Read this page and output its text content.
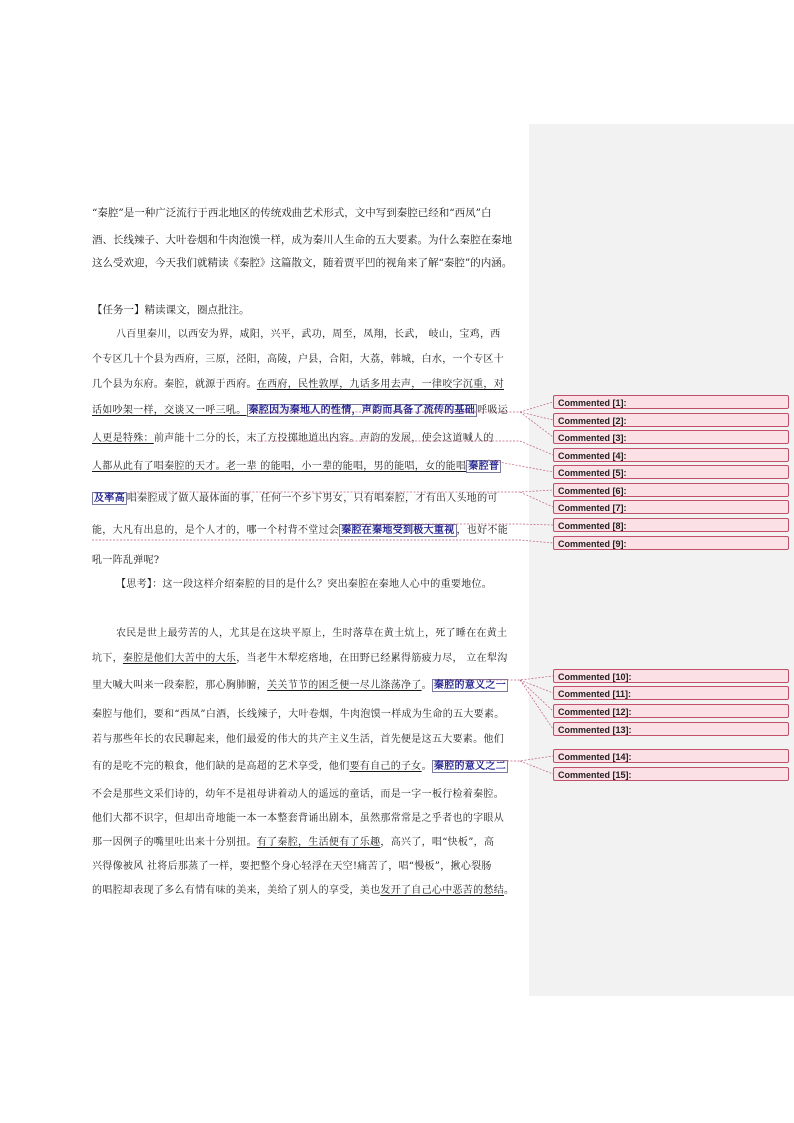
“秦腔”是一种广泛流行于西北地区的传统戏曲艺术形式，文中写到秦腔已经和“西凤”白
酒、长线辣子、大叶卷烟和牛肉泡馍一样，成为秦川人生命的五大要素。为什么秦腔在秦地
这么受欢迎，今天我们就精读《秦腔》这篇散文，随着贾平凹的视角来了解“秦腔”的内涵。
【任务一】精读课文，圈点批注。
八百里秦川，以西安为界，咸阳，兴平，武功，周至，凤翔，长武， 岐山，宝鸡，西
个专区几十个县为西府，三原，泾阳，高陵，户县，合阳，大荔，韩城，白水，一个专区十
几个县为东府。秦腔，就源于西府。在西府，民性敦厚，九话多用去声，一律咬字沉重，对
话如吵架一样，交谈又一呼三吼。 秦腔因为秦地人的性情，声韵而具备了流传的基础 呼吸运
人更是特殊：前声能十二分的长，末了方投掷地道出内容。声韵的发展，使会这道喊人的
人都从此有了唱秦腔的天才。老一辈 的能唱，小一辈的能唱，男的能唱，女的能唱 秦腔普
及率高 唱秦腔成了做人最体面的事，任何一个乡下男女，只有唱秦腔，才有出人头地的可
能，大凡有出息的，是个人才的，哪一个村背不堂过会 秦腔在秦地受到极大重视 ，也好不能
吼一阵乱弹呢?
【思考】：这一段这样介绍秦腔的目的是什么？突出秦腔在秦地人心中的重要地位。
农民是世上最劳苦的人，尤其是在这块平原上，生时落草在黄土炕上，死了睡在在黄土
坑下，秦腔是他们大苦中的大乐，当老牛木犁疙瘩地，在田野已经累得筋疲力尽， 立在犁沟
里大喊大叫来一段秦腔，那心胸肺腑，关关节节的困乏便一尽儿涤荡净了。 秦腔的意义之一
秦腔与他们，要和“西凤”白酒，长线辣子，大叶卷烟，牛肉泡馍一样成为生命的五大要素。
若与那些年长的农民聊起来，他们最爱的伟大的共产主义生活，首先便是这五大要素。他们
有的是吃不完的粮食，他们缺的是高超的艺术享受，他们要有自己的子女。 秦腔的意义之二
不会是那些文采们诗的，幼年不是祖母讲着动人的遥远的童话，而是一字一板行检着秦腔。
他们大都不识字，但却出奇地能一本一本整套背诵出剧本，虽然那常常是之乎者也的字眼从
那一因例子的嘴里吐出来十分别扭。有了秦腔，生活便有了乐趣，高兴了，唱“快板”，高
兴得像被风 社将后那蒸了一样，要把整个身心轻浮在天空!痛苦了，唱“慢板”，揪心裂肠
的唱腔却表现了多么有情有味的美来，美给了别人的享受，美也发开了自己心中恶苦的愁结。
Commented [1]:
Commented [2]:
Commented [3]:
Commented [4]:
Commented [5]:
Commented [6]:
Commented [7]:
Commented [8]:
Commented [9]:
Commented [10]:
Commented [11]:
Commented [12]:
Commented [13]:
Commented [14]:
Commented [15]:
